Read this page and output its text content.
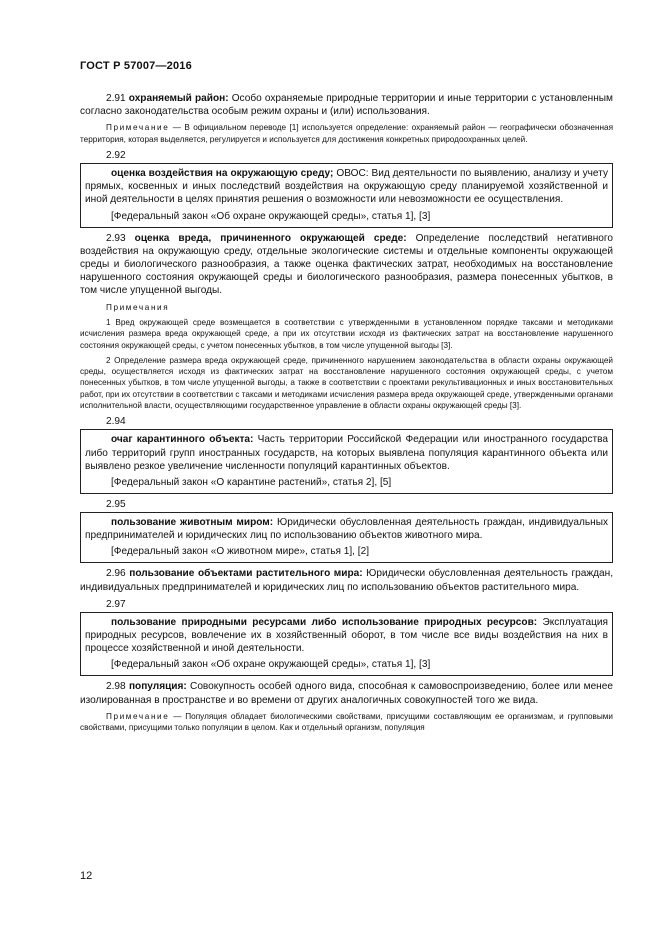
ГОСТ Р 57007—2016

2.91 охраняемый район: Особо охраняемые природные территории и иные территории с установленным согласно законодательства особым режим охраны и (или) использования.

Примечание — В официальном переводе [1] используется определение: охраняемый район — географически обозначенная территория, которая выделяется, регулируется и используется для достижения конкретных природоохранных целей.

2.92

оценка воздействия на окружающую среду; ОВОС: Вид деятельности по выявлению, анализу и учету прямых, косвенных и иных последствий воздействия на окружающую среду планируемой хозяйственной и иной деятельности в целях принятия решения о возможности или невозможности ее осуществления.

[Федеральный закон «Об охране окружающей среды», статья 1], [3]

2.93 оценка вреда, причиненного окружающей среде: Определение последствий негативного воздействия на окружающую среду, отдельные экологические системы и отдельные компоненты окружающей среды и биологического разнообразия, а также оценка фактических затрат, необходимых на восстановление нарушенного состояния окружающей среды и биологического разнообразия, размера понесенных убытков, в том числе упущенной выгоды.

Примечания

1 Вред окружающей среде возмещается в соответствии с утвержденными в установленном порядке таксами и методиками исчисления размера вреда окружающей среде, а при их отсутствии исходя из фактических затрат на восстановление нарушенного состояния окружающей среды, с учетом понесенных убытков, в том числе упущенной выгоды [3].

2 Определение размера вреда окружающей среде, причиненного нарушением законодательства в области охраны окружающей среды, осуществляется исходя из фактических затрат на восстановление нарушенного состояния окружающей среды, с учетом понесенных убытков, в том числе упущенной выгоды, а также в соответствии с проектами рекультивационных и иных восстановительных работ, при их отсутствии в соответствии с таксами и методиками исчисления размера вреда окружающей среде, утвержденными органами исполнительной власти, осуществляющими государственное управление в области охраны окружающей среды [3].

2.94

очаг карантинного объекта: Часть территории Российской Федерации или иностранного государства либо территорий групп иностранных государств, на которых выявлена популяция карантинного объекта или выявлено резкое увеличение численности популяций карантинных объектов.

[Федеральный закон «О карантине растений», статья 2], [5]

2.95

пользование животным миром: Юридически обусловленная деятельность граждан, индивидуальных предпринимателей и юридических лиц по использованию объектов животного мира.

[Федеральный закон «О животном мире», статья 1], [2]

2.96 пользование объектами растительного мира: Юридически обусловленная деятельность граждан, индивидуальных предпринимателей и юридических лиц по использованию объектов растительного мира.

2.97

пользование природными ресурсами либо использование природных ресурсов: Эксплуатация природных ресурсов, вовлечение их в хозяйственный оборот, в том числе все виды воздействия на них в процессе хозяйственной и иной деятельности.

[Федеральный закон «Об охране окружающей среды», статья 1], [3]

2.98 популяция: Совокупность особей одного вида, способная к самовоспроизведению, более или менее изолированная в пространстве и во времени от других аналогичных совокупностей того же вида.

Примечание — Популяция обладает биологическими свойствами, присущими составляющим ее организмам, и групповыми свойствами, присущими только популяции в целом. Как и отдельный организм, популяция

12
